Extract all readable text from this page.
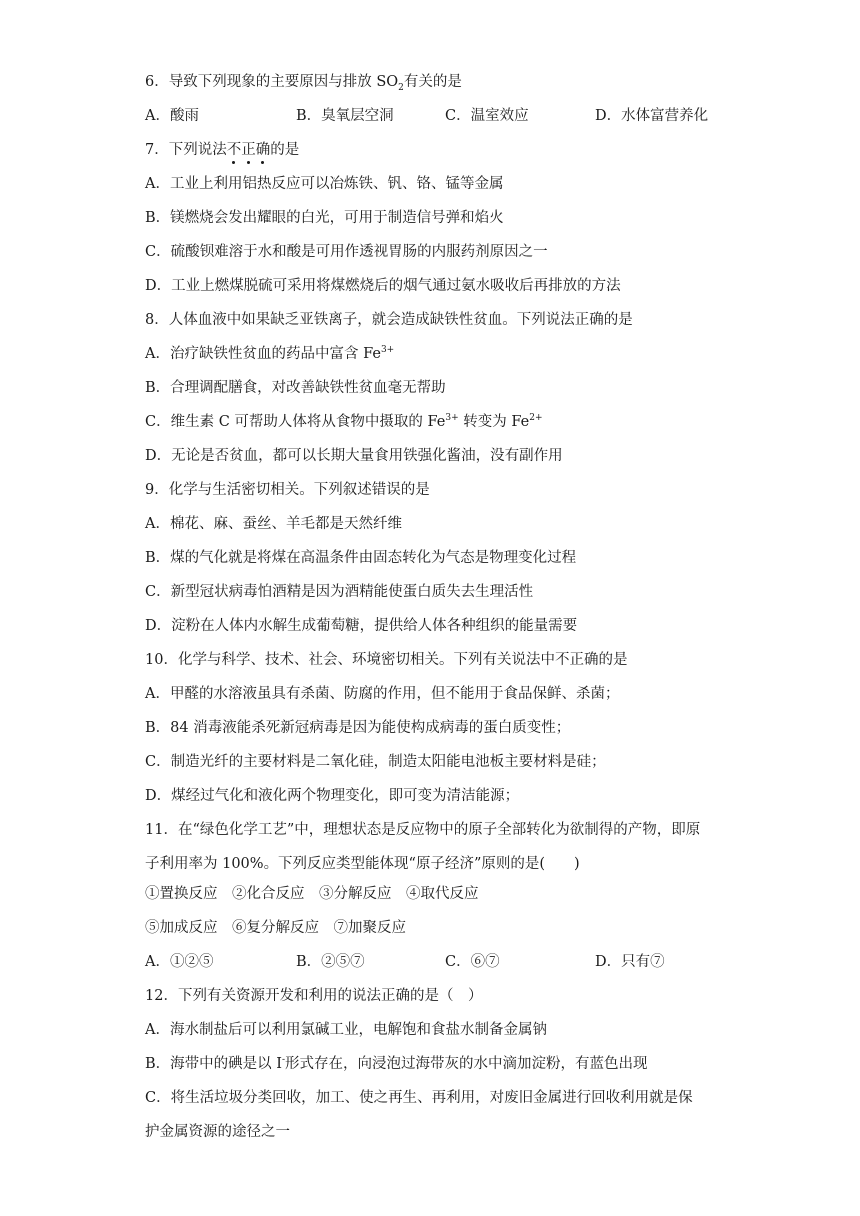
6．导致下列现象的主要原因与排放 $SO_2$有关的是
A．酸雨	B．臭氧层空洞	C．温室效应	D．水体富营养化
7．下列说法不
正
确
的是
A．工业上利用铝热反应可以冶炼铁、钒、铬、锰等金属
B．镁燃烧会发出耀眼的白光，可用于制造信号弹和焰火
C．硫酸钡难溶于水和酸是可用作透视胃肠的内服药剂原因之一
D．工业上燃煤脱硫可采用将煤燃烧后的烟气通过氨水吸收后再排放的方法
8．人体血液中如果缺乏亚铁离子，就会造成缺铁性贫血。下列说法正确的是
A．治疗缺铁性贫血的药品中富含 $Fe^{3+}$
B．合理调配膳食，对改善缺铁性贫血毫无帮助
C．维生素 C 可帮助人体将从食物中摄取的 $Fe^{3+}$ 转变为 $Fe^{2+}$
D．无论是否贫血，都可以长期大量食用铁强化酱油，没有副作用
9．化学与生活密切相关。下列叙述错误的是
A．棉花、麻、蚕丝、羊毛都是天然纤维
B．煤的气化就是将煤在高温条件由固态转化为气态是物理变化过程
C．新型冠状病毒怕酒精是因为酒精能使蛋白质失去生理活性
D．淀粉在人体内水解生成葡萄糖，提供给人体各种组织的能量需要
10．化学与科学、技术、社会、环境密切相关。下列有关说法中不正确的是
A．甲醛的水溶液虽具有杀菌、防腐的作用，但不能用于食品保鲜、杀菌；
B．84 消毒液能杀死新冠病毒是因为能使构成病毒的蛋白质变性；
C．制造光纤的主要材料是二氧化硅，制造太阳能电池板主要材料是硅；
D．煤经过气化和液化两个物理变化，即可变为清洁能源；
11．在“绿色化学工艺”中，理想状态是反应物中的原子全部转化为欲制得的产物，即原
子利用率为 100%。下列反应类型能体现“原子经济”原则的是(　　)
①置换反应　②化合反应　③分解反应　④取代反应
⑤加成反应　⑥复分解反应　⑦加聚反应
A．①②⑤	B．②⑤⑦	C．⑥⑦	D．只有⑦
12．下列有关资源开发和利用的说法正确的是（　）
A．海水制盐后可以利用氯碱工业，电解饱和食盐水制备金属钠
B．海带中的碘是以 I-形式存在，向浸泡过海带灰的水中滴加淀粉，有蓝色出现
C．将生活垃圾分类回收，加工、使之再生、再利用，对废旧金属进行回收利用就是保
护金属资源的途径之一
